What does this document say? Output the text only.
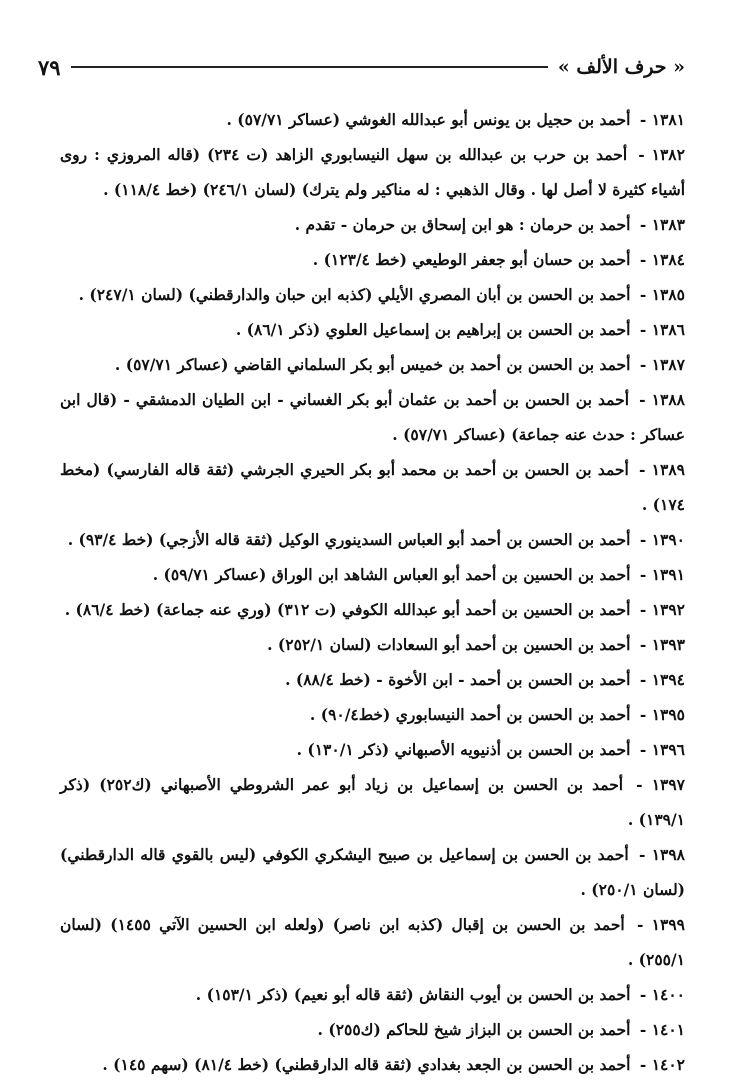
« حرف الألف »
٧٩

١٣٨١ - أحمد بن حجيل بن يونس أبو عبدالله الغوشي (عساكر ٥٧/٧١) .

١٣٨٢ - أحمد بن حرب بن عبدالله بن سهل النيسابوري الزاهد (ت ٢٣٤) (قاله المروزي : روى أشياء كثيرة لا أصل لها . وقال الذهبي : له مناكير ولم يترك) (لسان ٢٤٦/١) (خط ١١٨/٤) .

١٣٨٣ - أحمد بن حرمان : هو ابن إسحاق بن حرمان - تقدم .

١٣٨٤ - أحمد بن حسان أبو جعفر الوطيعي (خط ١٢٣/٤) .

١٣٨٥ - أحمد بن الحسن بن أبان المصري الأيلي (كذبه ابن حبان والدارقطني) (لسان ٢٤٧/١) .

١٣٨٦ - أحمد بن الحسن بن إبراهيم بن إسماعيل العلوي (ذكر ٨٦/١) .

١٣٨٧ - أحمد بن الحسن بن أحمد بن خميس أبو بكر السلماني القاضي (عساكر ٥٧/٧١) .

١٣٨٨ - أحمد بن الحسن بن أحمد بن عثمان أبو بكر الغساني - ابن الطيان الدمشقي - (قال ابن عساكر : حدث عنه جماعة) (عساكر ٥٧/٧١) .

١٣٨٩ - أحمد بن الحسن بن أحمد بن محمد أبو بكر الحيري الجرشي (ثقة قاله الفارسي) (مخط ١٧٤) .

١٣٩٠ - أحمد بن الحسن بن أحمد أبو العباس السدينوري الوكيل (ثقة قاله الأزجي) (خط ٩٣/٤) .

١٣٩١ - أحمد بن الحسين بن أحمد أبو العباس الشاهد ابن الوراق (عساكر ٥٩/٧١) .

١٣٩٢ - أحمد بن الحسين بن أحمد أبو عبدالله الكوفي (ت ٣١٢) (وري عنه جماعة) (خط ٨٦/٤) .

١٣٩٣ - أحمد بن الحسين بن أحمد أبو السعادات (لسان ٢٥٢/١) .

١٣٩٤ - أحمد بن الحسن بن أحمد - ابن الأخوة - (خط ٨٨/٤) .

١٣٩٥ - أحمد بن الحسن بن أحمد النيسابوري (خط٩٠/٤) .

١٣٩٦ - أحمد بن الحسن بن أذنيويه الأصبهاني (ذكر ١٣٠/١) .

١٣٩٧ - أحمد بن الحسن بن إسماعيل بن زياد أبو عمر الشروطي الأصبهاني (ك٢٥٢) (ذكر ١٣٩/١) .

١٣٩٨ - أحمد بن الحسن بن إسماعيل بن صبيح اليشكري الكوفي (ليس بالقوي قاله الدارقطني) (لسان ٢٥٠/١) .

١٣٩٩ - أحمد بن الحسن بن إقبال (كذبه ابن ناصر) (ولعله ابن الحسين الآتي ١٤٥٥) (لسان ٢٥٥/١) .

١٤٠٠ - أحمد بن الحسن بن أيوب النقاش (ثقة قاله أبو نعيم) (ذكر ١٥٣/١) .

١٤٠١ - أحمد بن الحسن بن البزاز شيخ للحاكم (ك٢٥٥) .

١٤٠٢ - أحمد بن الحسن بن الجعد بغدادي (ثقة قاله الدارقطني) (خط ٨١/٤) (سهم ١٤٥) .
